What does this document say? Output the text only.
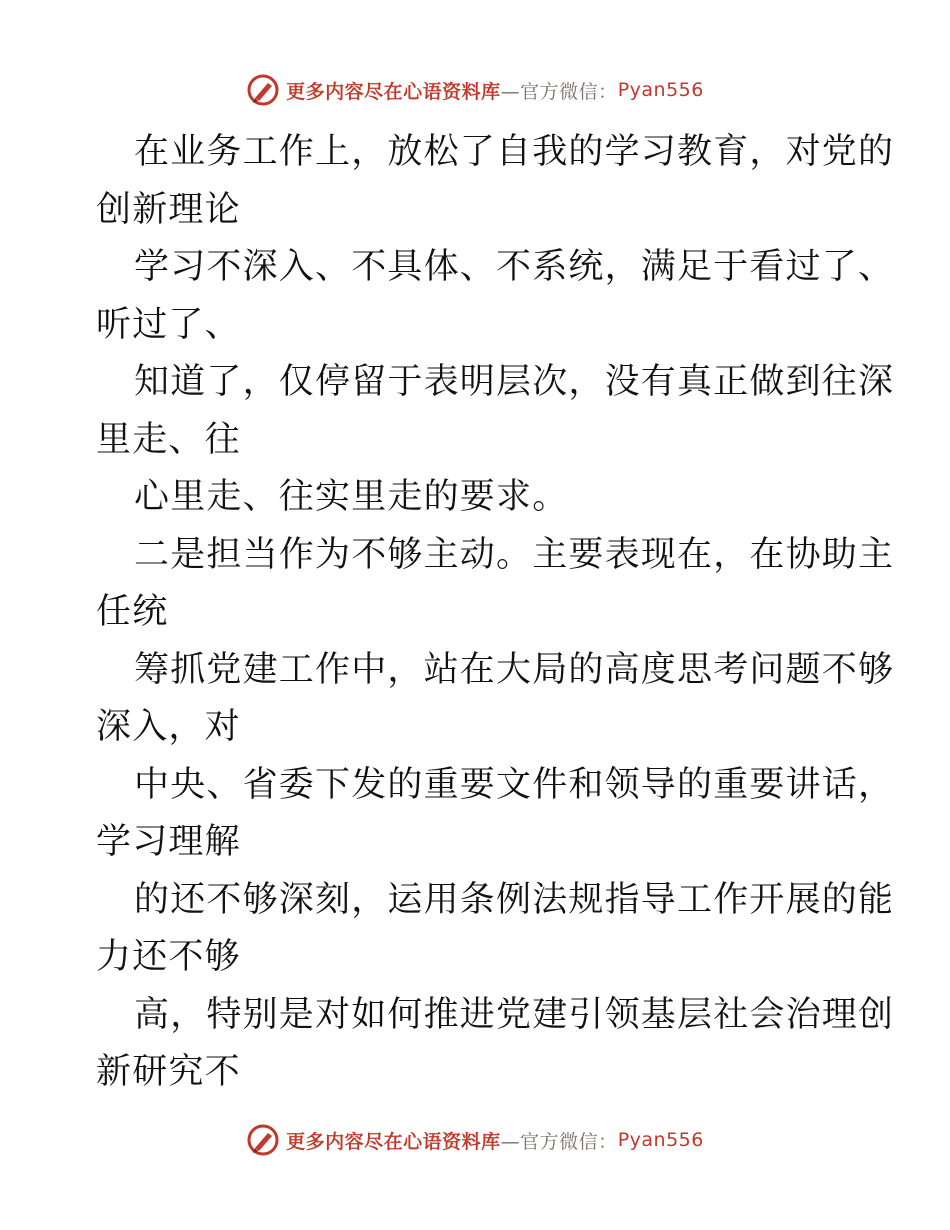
更多内容尽在心语资料库 —官方微信： Pyan556
在业务工作上，放松了自我的学习教育，对党的
创新理论
学习不深入、不具体、不系统，满足于看过了、
听过了、
知道了，仅停留于表明层次，没有真正做到往深
里走、往
心里走、往实里走的要求。
二是担当作为不够主动。主要表现在，在协助主
任统
筹抓党建工作中，站在大局的高度思考问题不够
深入，对
中央、省委下发的重要文件和领导的重要讲话，
学习理解
的还不够深刻，运用条例法规指导工作开展的能
力还不够
高，特别是对如何推进党建引领基层社会治理创
新研究不
更多内容尽在心语资料库 —官方微信： Pyan556
